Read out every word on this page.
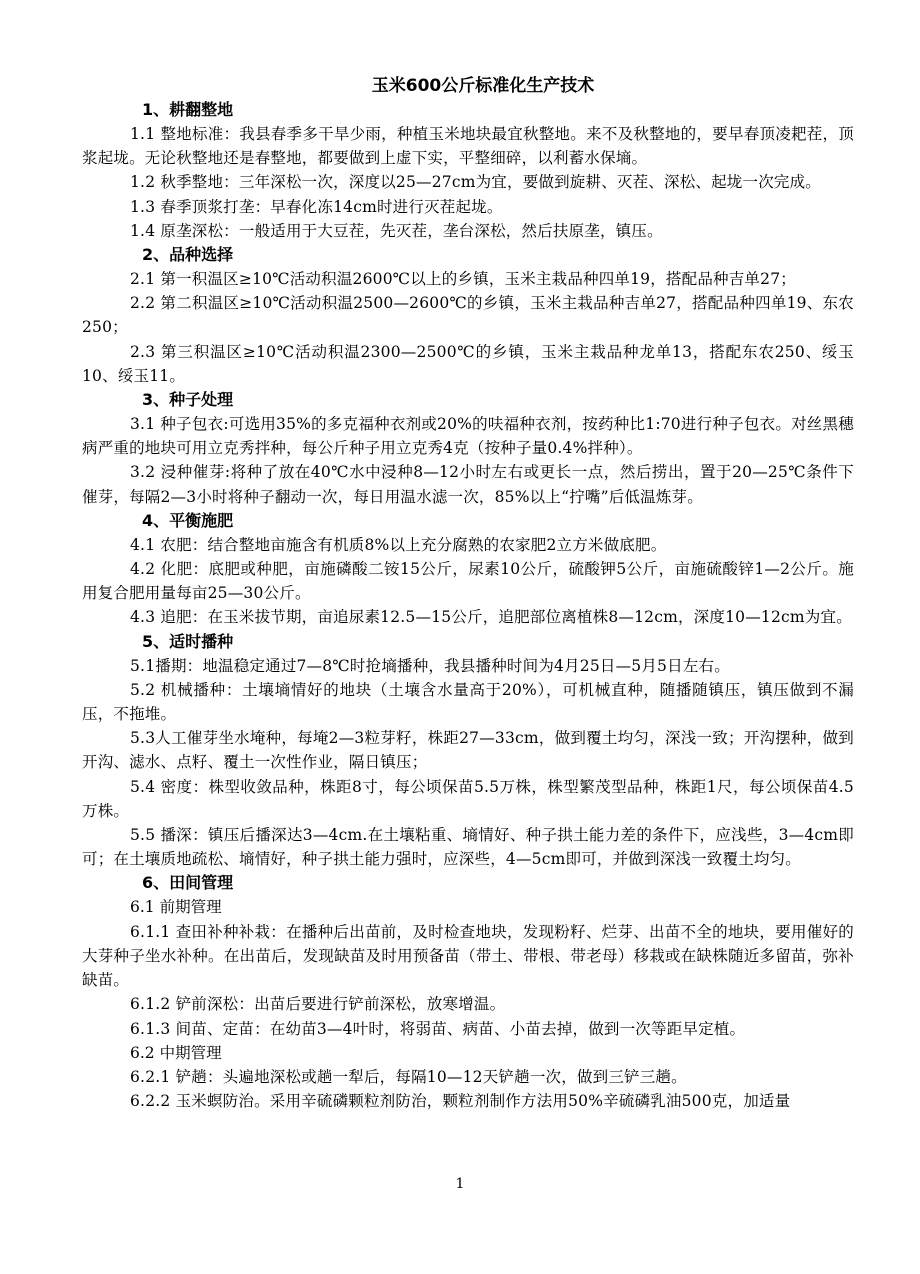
玉米600公斤标准化生产技术
1、耕翻整地

1.1 整地标准：我县春季多干旱少雨，种植玉米地块最宜秋整地。来不及秋整地的，要早春顶凌耙茬，顶浆起垅。无论秋整地还是春整地，都要做到上虚下实，平整细碎，以利蓄水保墒。

1.2 秋季整地：三年深松一次，深度以25—27cm为宜，要做到旋耕、灭茬、深松、起垅一次完成。

1.3 春季顶浆打垄：早春化冻14cm时进行灭茬起垅。

1.4 原垄深松：一般适用于大豆茬，先灭茬，垄台深松，然后扶原垄，镇压。

2、品种选择

2.1 第一积温区≥10℃活动积温2600℃以上的乡镇，玉米主栽品种四单19，搭配品种吉单27；

2.2 第二积温区≥10℃活动积温2500—2600℃的乡镇，玉米主栽品种吉单27，搭配品种四单19、东农250；

2.3 第三积温区≥10℃活动积温2300—2500℃的乡镇，玉米主栽品种龙单13，搭配东农250、绥玉10、绥玉11。

3、种子处理

3.1 种子包衣:可选用35%的多克福种衣剂或20%的呋福种衣剂，按药种比1:70进行种子包衣。对丝黑穗病严重的地块可用立克秀拌种，每公斤种子用立克秀4克（按种子量0.4%拌种）。

3.2 浸种催芽:将种了放在40℃水中浸种8—12小时左右或更长一点，然后捞出，置于20—25℃条件下催芽，每隔2—3小时将种子翻动一次，每日用温水滤一次，85%以上“拧嘴”后低温炼芽。

4、平衡施肥

4.1 农肥：结合整地亩施含有机质8%以上充分腐熟的农家肥2立方米做底肥。

4.2 化肥：底肥或种肥，亩施磷酸二铵15公斤，尿素10公斤，硫酸钾5公斤，亩施硫酸锌1—2公斤。施用复合肥用量每亩25—30公斤。

4.3 追肥：在玉米拔节期，亩追尿素12.5—15公斤，追肥部位离植株8—12cm，深度10—12cm为宜。

5、适时播种

5.1播期：地温稳定通过7—8℃时抢墒播种，我县播种时间为4月25日—5月5日左右。

5.2 机械播种：土壤墒情好的地块（土壤含水量高于20%），可机械直种，随播随镇压，镇压做到不漏压，不拖堆。

5.3人工催芽坐水埯种，每埯2—3粒芽籽，株距27—33cm，做到覆土均匀，深浅一致；开沟摆种，做到开沟、滤水、点籽、覆土一次性作业，隔日镇压；

5.4 密度：株型收敛品种，株距8寸，每公顷保苗5.5万株，株型繁茂型品种，株距1尺，每公顷保苗4.5万株。

5.5 播深：镇压后播深达3—4cm.在土壤粘重、墒情好、种子拱土能力差的条件下，应浅些，3—4cm即可；在土壤质地疏松、墒情好，种子拱土能力强时，应深些，4—5cm即可，并做到深浅一致覆土均匀。

6、田间管理

6.1 前期管理

6.1.1 查田补种补栽：在播种后出苗前，及时检查地块，发现粉籽、烂芽、出苗不全的地块，要用催好的大芽种子坐水补种。在出苗后，发现缺苗及时用预备苗（带土、带根、带老母）移栽或在缺株随近多留苗，弥补缺苗。

6.1.2 铲前深松：出苗后要进行铲前深松，放寒增温。

6.1.3 间苗、定苗：在幼苗3—4叶时，将弱苗、病苗、小苗去掉，做到一次等距早定植。

6.2 中期管理

6.2.1 铲趟：头遍地深松或趟一犁后，每隔10—12天铲趟一次，做到三铲三趟。

6.2.2 玉米螟防治。采用辛硫磷颗粒剂防治，颗粒剂制作方法用50%辛硫磷乳油500克，加适量

1
